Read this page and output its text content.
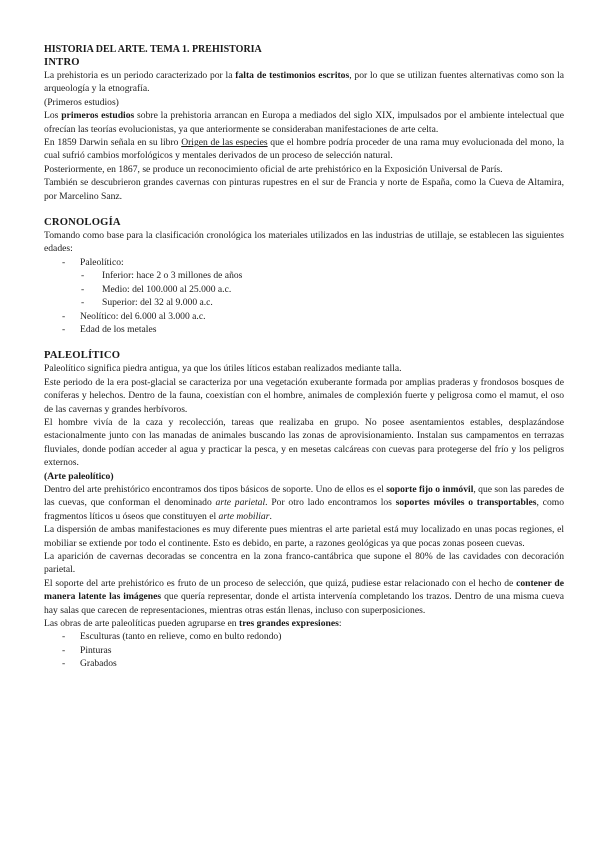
HISTORIA DEL ARTE. TEMA 1. PREHISTORIA
INTRO

La prehistoria es un periodo caracterizado por la falta de testimonios escritos, por lo que se utilizan fuentes alternativas como son la arqueología y la etnografía.

(Primeros estudios)

Los primeros estudios sobre la prehistoria arrancan en Europa a mediados del siglo XIX, impulsados por el ambiente intelectual que ofrecían las teorías evolucionistas, ya que anteriormente se consideraban manifestaciones de arte celta.

En 1859 Darwin señala en su libro Origen de las especies que el hombre podría proceder de una rama muy evolucionada del mono, la cual sufrió cambios morfológicos y mentales derivados de un proceso de selección natural.

Posteriormente, en 1867, se produce un reconocimiento oficial de arte prehistórico en la Exposición Universal de París.

También se descubrieron grandes cavernas con pinturas rupestres en el sur de Francia y norte de España, como la Cueva de Altamira, por Marcelino Sanz.

CRONOLOGÍA

Tomando como base para la clasificación cronológica los materiales utilizados en las industrias de utillaje, se establecen las siguientes edades:

- Paleolítico:
- Inferior: hace 2 o 3 millones de años
- Medio: del 100.000 al 25.000 a.c.
- Superior: del 32 al 9.000 a.c.
- Neolítico: del 6.000 al 3.000 a.c.
- Edad de los metales
PALEOLÍTICO

Paleolítico significa piedra antigua, ya que los útiles líticos estaban realizados mediante talla.

Este periodo de la era post-glacial se caracteriza por una vegetación exuberante formada por amplias praderas y frondosos bosques de coníferas y helechos. Dentro de la fauna, coexistían con el hombre, animales de complexión fuerte y peligrosa como el mamut, el oso de las cavernas y grandes herbívoros.

El hombre vivía de la caza y recolección, tareas que realizaba en grupo. No posee asentamientos estables, desplazándose estacionalmente junto con las manadas de animales buscando las zonas de aprovisionamiento. Instalan sus campamentos en terrazas fluviales, donde podían acceder al agua y practicar la pesca, y en mesetas calcáreas con cuevas para protegerse del frío y los peligros externos.

(Arte paleolítico)

Dentro del arte prehistórico encontramos dos tipos básicos de soporte. Uno de ellos es el soporte fijo o inmóvil, que son las paredes de las cuevas, que conforman el denominado arte parietal. Por otro lado encontramos los soportes móviles o transportables, como fragmentos líticos u óseos que constituyen el arte mobiliar.

La dispersión de ambas manifestaciones es muy diferente pues mientras el arte parietal está muy localizado en unas pocas regiones, el mobiliar se extiende por todo el continente. Esto es debido, en parte, a razones geológicas ya que pocas zonas poseen cuevas.

La aparición de cavernas decoradas se concentra en la zona franco-cantábrica que supone el 80% de las cavidades con decoración parietal.

El soporte del arte prehistórico es fruto de un proceso de selección, que quizá, pudiese estar relacionado con el hecho de contener de manera latente las imágenes que quería representar, donde el artista intervenía completando los trazos. Dentro de una misma cueva hay salas que carecen de representaciones, mientras otras están llenas, incluso con superposiciones.

Las obras de arte paleolíticas pueden agruparse en tres grandes expresiones:

- Esculturas (tanto en relieve, como en bulto redondo)
- Pinturas
- Grabados
